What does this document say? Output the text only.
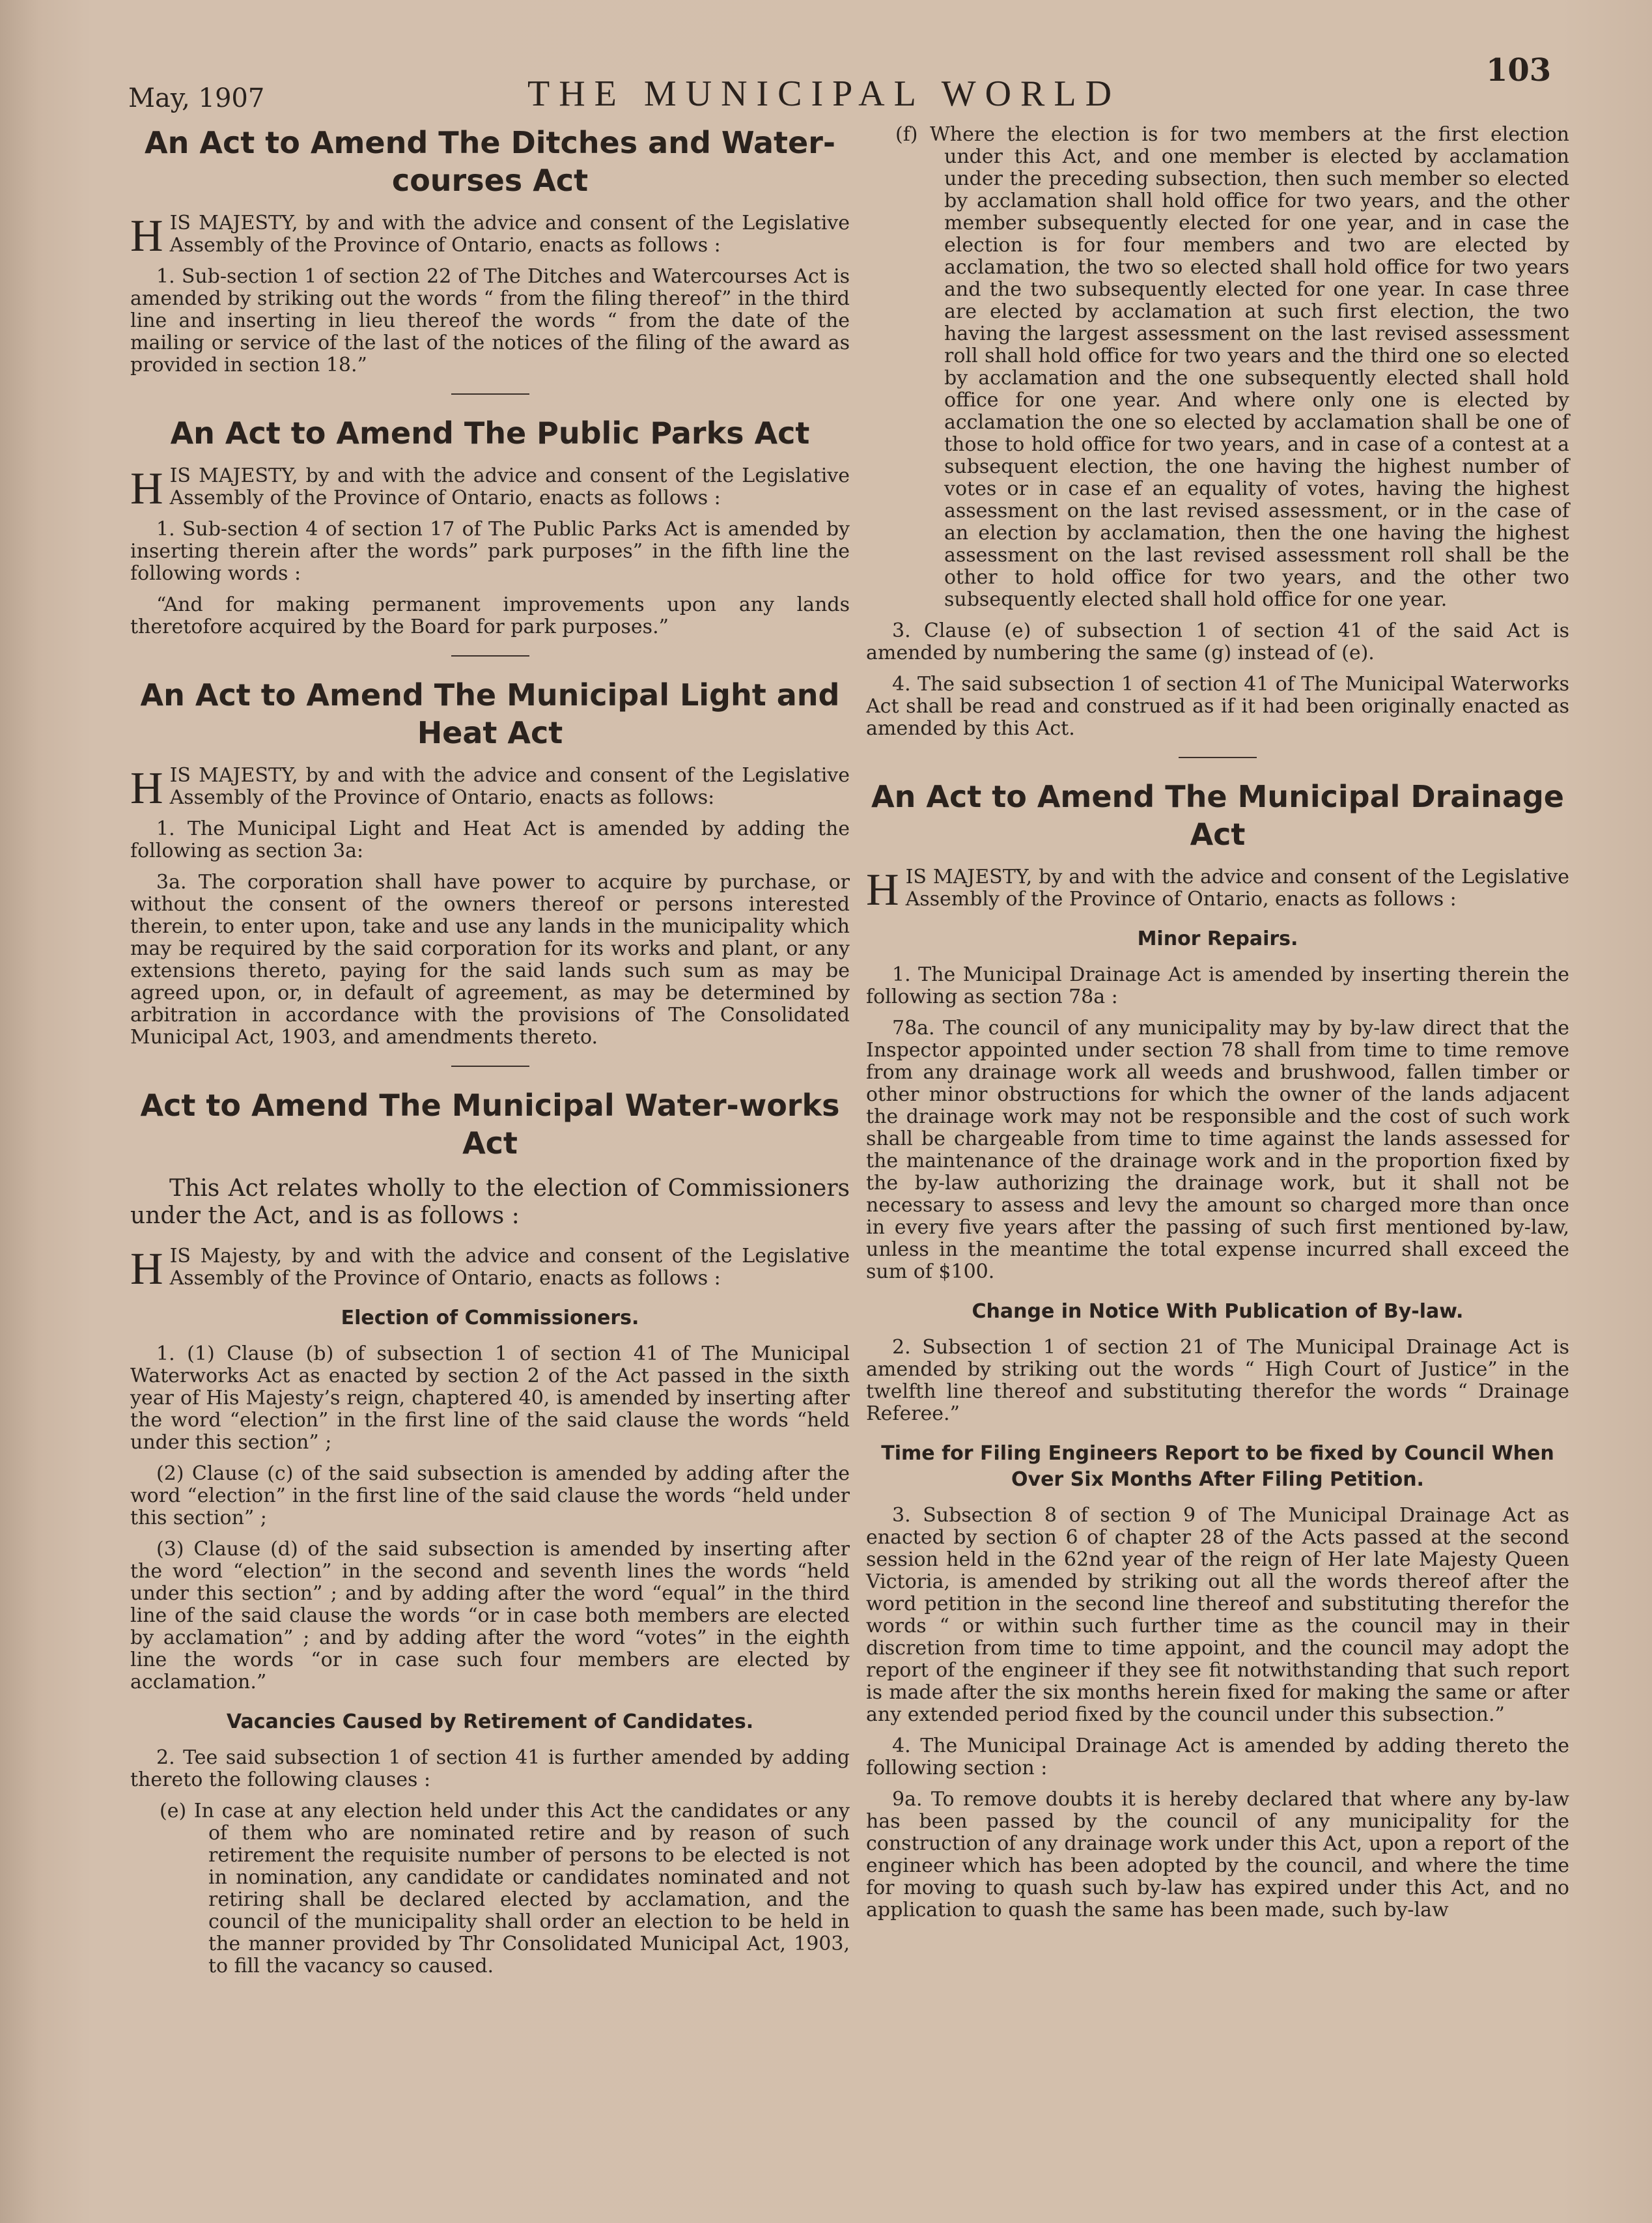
May, 1907	THE MUNICIPAL WORLD
103
An Act to Amend The Ditches and Water-courses Act

HIS MAJESTY, by and with the advice and consent of the Legislative Assembly of the Province of Ontario, enacts as follows :

1. Sub-section 1 of section 22 of The Ditches and Watercourses Act is amended by striking out the words “ from the filing thereof” in the third line and inserting in lieu thereof the words “ from the date of the mailing or service of the last of the notices of the filing of the award as provided in section 18.”

An Act to Amend The Public Parks Act

HIS MAJESTY, by and with the advice and consent of the Legislative Assembly of the Province of Ontario, enacts as follows :

1. Sub-section 4 of section 17 of The Public Parks Act is amended by inserting therein after the words” park purposes” in the fifth line the following words :

“And for making permanent improvements upon any lands theretofore acquired by the Board for park purposes.”

An Act to Amend The Municipal Light and Heat Act

HIS MAJESTY, by and with the advice and consent of the Legislative Assembly of the Province of Ontario, enacts as follows:

1. The Municipal Light and Heat Act is amended by adding the following as section 3a:

3a. The corporation shall have power to acquire by purchase, or without the consent of the owners thereof or persons interested therein, to enter upon, take and use any lands in the municipality which may be required by the said corporation for its works and plant, or any extensions thereto, paying for the said lands such sum as may be agreed upon, or, in default of agreement, as may be determined by arbitration in accordance with the provisions of The Consolidated Municipal Act, 1903, and amendments thereto.

Act to Amend The Municipal Water-works Act

This Act relates wholly to the election of Commissioners under the Act, and is as follows :

HIS Majesty, by and with the advice and consent of the Legislative Assembly of the Province of Ontario, enacts as follows :

Election of Commissioners.

1. (1) Clause (b) of subsection 1 of section 41 of The Municipal Waterworks Act as enacted by section 2 of the Act passed in the sixth year of His Majesty’s reign, chaptered 40, is amended by inserting after the word “election” in the first line of the said clause the words “held under this section” ;

(2) Clause (c) of the said subsection is amended by adding after the word “election” in the first line of the said clause the words “held under this section” ;

(3) Clause (d) of the said subsection is amended by inserting after the word “election” in the second and seventh lines the words “held under this section” ; and by adding after the word “equal” in the third line of the said clause the words “or in case both members are elected by acclamation” ; and by adding after the word “votes” in the eighth line the words “or in case such four members are elected by acclamation.”

Vacancies Caused by Retirement of Candidates.

2. Tee said subsection 1 of section 41 is further amended by adding thereto the following clauses :

(e) In case at any election held under this Act the candidates or any of them who are nominated retire and by reason of such retirement the requisite number of persons to be elected is not in nomination, any candidate or candidates nominated and not retiring shall be declared elected by acclamation, and the council of the municipality shall order an election to be held in the manner provided by Thr Consolidated Municipal Act, 1903, to fill the vacancy so caused.

(f) Where the election is for two members at the first election under this Act, and one member is elected by acclamation under the preceding subsection, then such member so elected by acclamation shall hold office for two years, and the other member subsequently elected for one year, and in case the election is for four members and two are elected by acclamation, the two so elected shall hold office for two years and the two subsequently elected for one year. In case three are elected by acclamation at such first election, the two having the largest assessment on the last revised assessment roll shall hold office for two years and the third one so elected by acclamation and the one subsequently elected shall hold office for one year. And where only one is elected by acclamation the one so elected by acclamation shall be one of those to hold office for two years, and in case of a contest at a subsequent election, the one having the highest number of votes or in case ef an equality of votes, having the highest assessment on the last revised assessment, or in the case of an election by acclamation, then the one having the highest assessment on the last revised assessment roll shall be the other to hold office for two years, and the other two subsequently elected shall hold office for one year.

3. Clause (e) of subsection 1 of section 41 of the said Act is amended by numbering the same (g) instead of (e).

4. The said subsection 1 of section 41 of The Municipal Waterworks Act shall be read and construed as if it had been originally enacted as amended by this Act.

An Act to Amend The Municipal Drainage Act

HIS MAJESTY, by and with the advice and consent of the Legislative Assembly of the Province of Ontario, enacts as follows :

Minor Repairs.

1. The Municipal Drainage Act is amended by inserting therein the following as section 78a :

78a. The council of any municipality may by by-law direct that the Inspector appointed under section 78 shall from time to time remove from any drainage work all weeds and brushwood, fallen timber or other minor obstructions for which the owner of the lands adjacent the drainage work may not be responsible and the cost of such work shall be chargeable from time to time against the lands assessed for the maintenance of the drainage work and in the proportion fixed by the by-law authorizing the drainage work, but it shall not be necessary to assess and levy the amount so charged more than once in every five years after the passing of such first mentioned by-law, unless in the meantime the total expense incurred shall exceed the sum of $100.

Change in Notice With Publication of By-law.

2. Subsection 1 of section 21 of The Municipal Drainage Act is amended by striking out the words “ High Court of Justice” in the twelfth line thereof and substituting therefor the words “ Drainage Referee.”

Time for Filing Engineers Report to be fixed by Council When Over Six Months After Filing Petition.

3. Subsection 8 of section 9 of The Municipal Drainage Act as enacted by section 6 of chapter 28 of the Acts passed at the second session held in the 62nd year of the reign of Her late Majesty Queen Victoria, is amended by striking out all the words thereof after the word petition in the second line thereof and substituting therefor the words “ or within such further time as the council may in their discretion from time to time appoint, and the council may adopt the report of the engineer if they see fit notwithstanding that such report is made after the six months herein fixed for making the same or after any extended period fixed by the council under this subsection.”

4. The Municipal Drainage Act is amended by adding thereto the following section :

9a. To remove doubts it is hereby declared that where any by-law has been passed by the council of any municipality for the construction of any drainage work under this Act, upon a report of the engineer which has been adopted by the council, and where the time for moving to quash such by-law has expired under this Act, and no application to quash the same has been made, such by-law
